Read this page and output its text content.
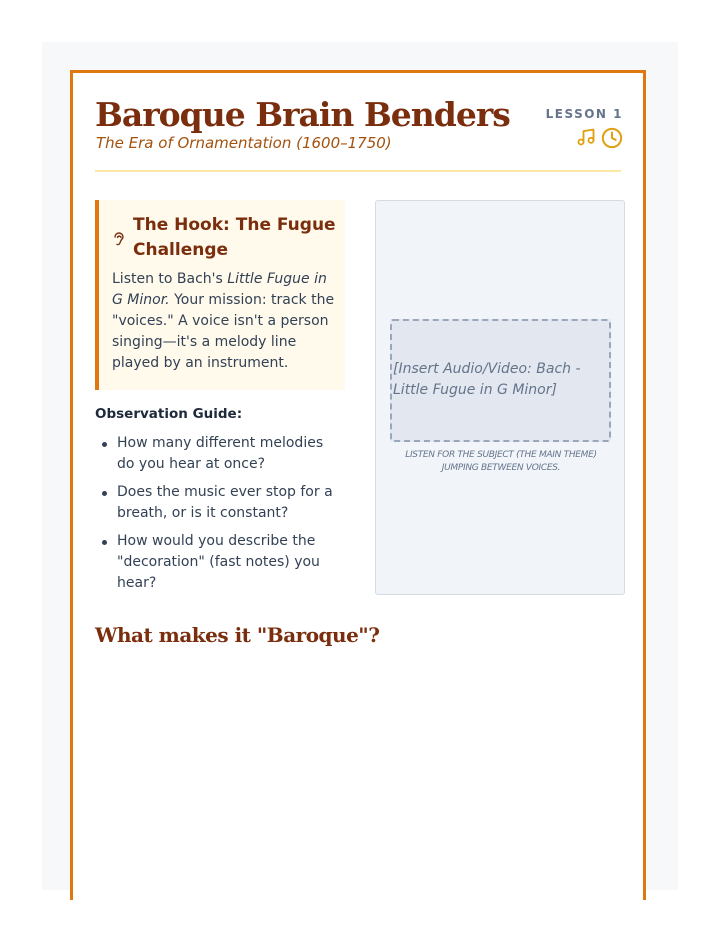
Baroque Brain Benders

The Era of Ornamentation (1600–1750)

LESSON 1
The Hook: The Fugue Challenge
Listen to Bach's Little Fugue in G Minor. Your mission: track the "voices." A voice isn't a person singing—it's a melody line played by an instrument.
Observation Guide:
How many different melodies do you hear at once?
Does the music ever stop for a breath, or is it constant?
How would you describe the "decoration" (fast notes) you hear?
What makes it "Baroque"?
[Insert Audio/Video: Bach - Little Fugue in G Minor]
LISTEN FOR THE SUBJECT (THE MAIN THEME) JUMPING BETWEEN VOICES.
